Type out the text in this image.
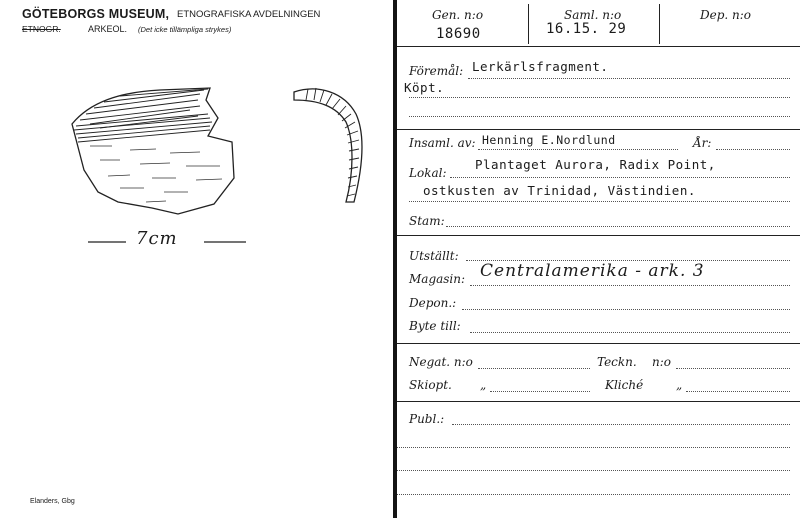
GÖTEBORGS MUSEUM, ETNOGRAFISKA AVDELNINGEN
ETNOGR.	ARKEOL. (Det icke tillämpliga strykes)
7cm
Elanders, Gbg
Gen. n:o
18690
Saml. n:o
16.15. 29
Dep. n:o
Föremål: Lerkärlsfragment.
Köpt.
Insaml. av: Henning E.Nordlund	År:
Lokal:
Plantaget Aurora, Radix Point,
ostkusten av Trinidad, Västindien.
Stam:
Utställt:
Magasin: Centralamerika - ark. 3
Depon.:
Byte till:
Negat. n:o	Teckn. n:o
Skiopt. „	Kliché	„
Publ.:
